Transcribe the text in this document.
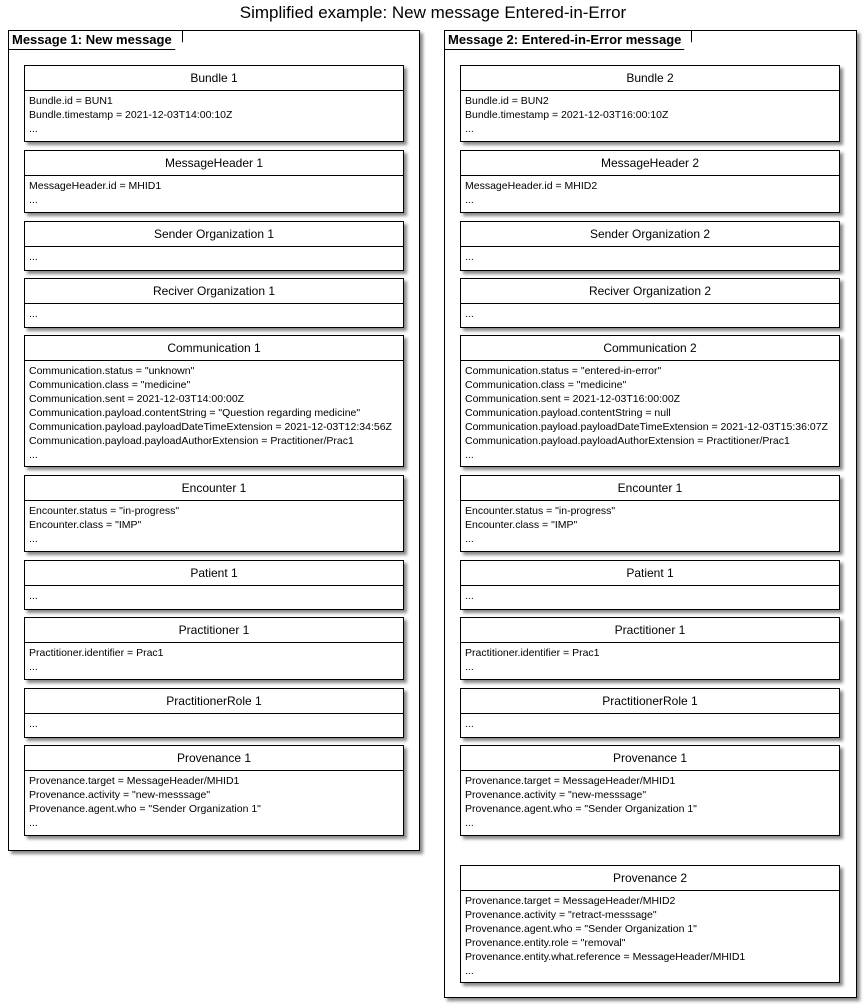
Simplified example: New message Entered-in-Error
Message 1: New message	Message 2: Entered-in-Error message
Bundle 1
Bundle.id = BUN1
Bundle.timestamp = 2021-12-03T14:00:10Z
...
MessageHeader 1
MessageHeader.id = MHID1
...
Sender Organization 1
...
Reciver Organization 1
...
Communication 1
Communication.status = "unknown"
Communication.class = "medicine"
Communication.sent = 2021-12-03T14:00:00Z
Communication.payload.contentString = "Question regarding medicine"
Communication.payload.payloadDateTimeExtension = 2021-12-03T12:34:56Z
Communication.payload.payloadAuthorExtension = Practitioner/Prac1
...
Encounter 1
Encounter.status = "in-progress"
Encounter.class = "IMP"
...
Patient 1
...
Practitioner 1
Practitioner.identifier = Prac1
...
PractitionerRole 1
...
Provenance 1
Provenance.target = MessageHeader/MHID1
Provenance.activity = "new-messsage"
Provenance.agent.who = "Sender Organization 1"
...
Bundle 2
Bundle.id = BUN2
Bundle.timestamp = 2021-12-03T16:00:10Z
...
MessageHeader 2
MessageHeader.id = MHID2
...
Sender Organization 2
...
Reciver Organization 2
...
Communication 2
Communication.status = "entered-in-error"
Communication.class = "medicine"
Communication.sent = 2021-12-03T16:00:00Z
Communication.payload.contentString = null
Communication.payload.payloadDateTimeExtension = 2021-12-03T15:36:07Z
Communication.payload.payloadAuthorExtension = Practitioner/Prac1
...
Encounter 1
Encounter.status = "in-progress"
Encounter.class = "IMP"
...
Patient 1
...
Practitioner 1
Practitioner.identifier = Prac1
...
PractitionerRole 1
...
Provenance 1
Provenance.target = MessageHeader/MHID1
Provenance.activity = "new-messsage"
Provenance.agent.who = "Sender Organization 1"
...
Provenance 2
Provenance.target = MessageHeader/MHID2
Provenance.activity = "retract-messsage"
Provenance.agent.who = "Sender Organization 1"
Provenance.entity.role = "removal"
Provenance.entity.what.reference = MessageHeader/MHID1
...
